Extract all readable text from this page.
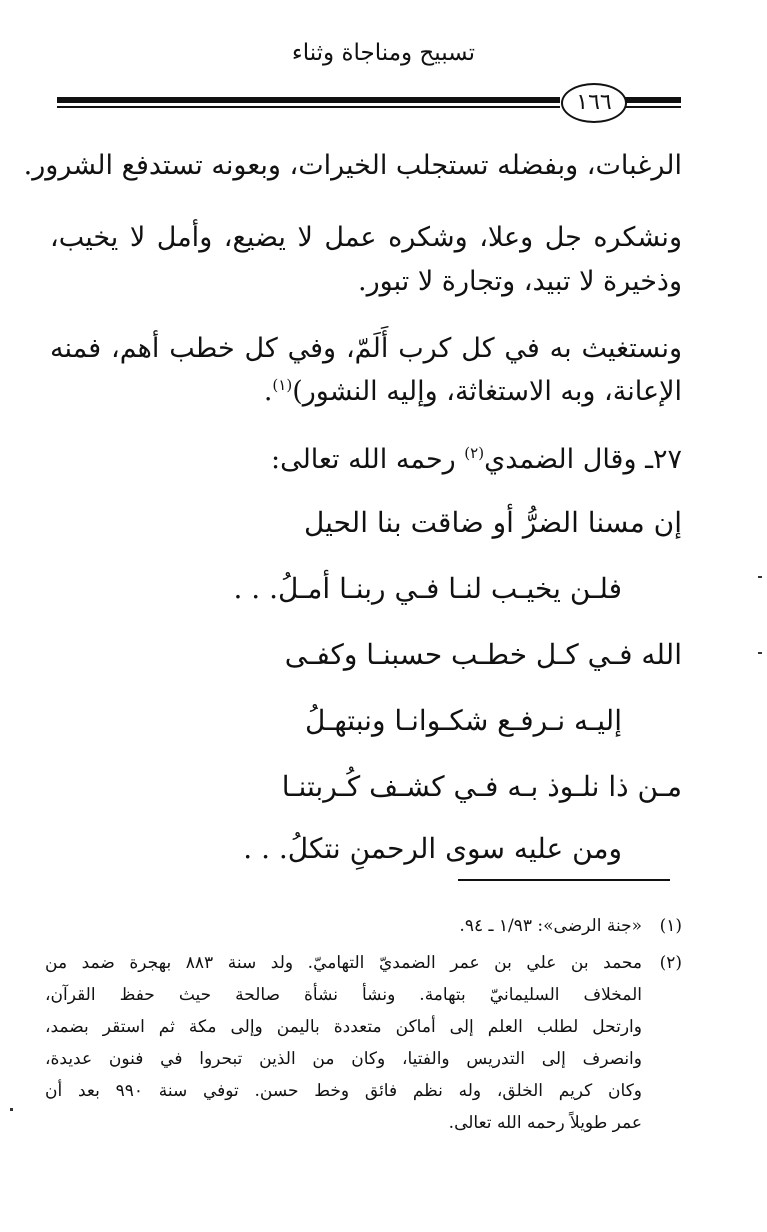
تسبيح ومناجاة وثناء
١٦٦
الرغبات، وبفضله تستجلب الخيرات، وبعونه تستدفع الشرور.
ونشكره جل وعلا، وشكره عمل لا يضيع، وأمل لا يخيب،
وذخيرة لا تبيد، وتجارة لا تبور.
ونستغيث به في كل كرب أَلَمّ، وفي كل خطب أهم، فمنه
الإعانة، وبه الاستغاثة، وإليه النشور)$^{(١)}$.
٢٧ـ وقال الضمدي$^{(٢)}$ رحمه الله تعالى:
إن مسنا الضرُّ أو ضاقت بنا الحيل
فلـن يخيـب لنـا فـي ربنـا أمـلُ. . .
الله فـي كـل خطـب حسبنـا وكفـى
إليـه نـرفـع شكـوانـا ونبتهـلُ
مـن ذا نلـوذ بـه فـي كشـف كُـربتنـا
ومن عليه سوى الرحمنِ نتكلُ. . .
(١)
«جنة الرضى»: ١/٩٣ ـ ٩٤.
(٢)
محمد بن علي بن عمر الضمديّ التهاميّ. ولد سنة ٨٨٣ بهجرة ضمد من
المخلاف السليمانيّ بتهامة. ونشأ نشأة صالحة حيث حفظ القرآن،
وارتحل لطلب العلم إلى أماكن متعددة باليمن وإلى مكة ثم استقر بضمد،
وانصرف إلى التدريس والفتيا، وكان من الذين تبحروا في فنون عديدة،
وكان كريم الخلق، وله نظم فائق وخط حسن. توفي سنة ٩٩٠ بعد أن
عمر طويلاً رحمه الله تعالى.
